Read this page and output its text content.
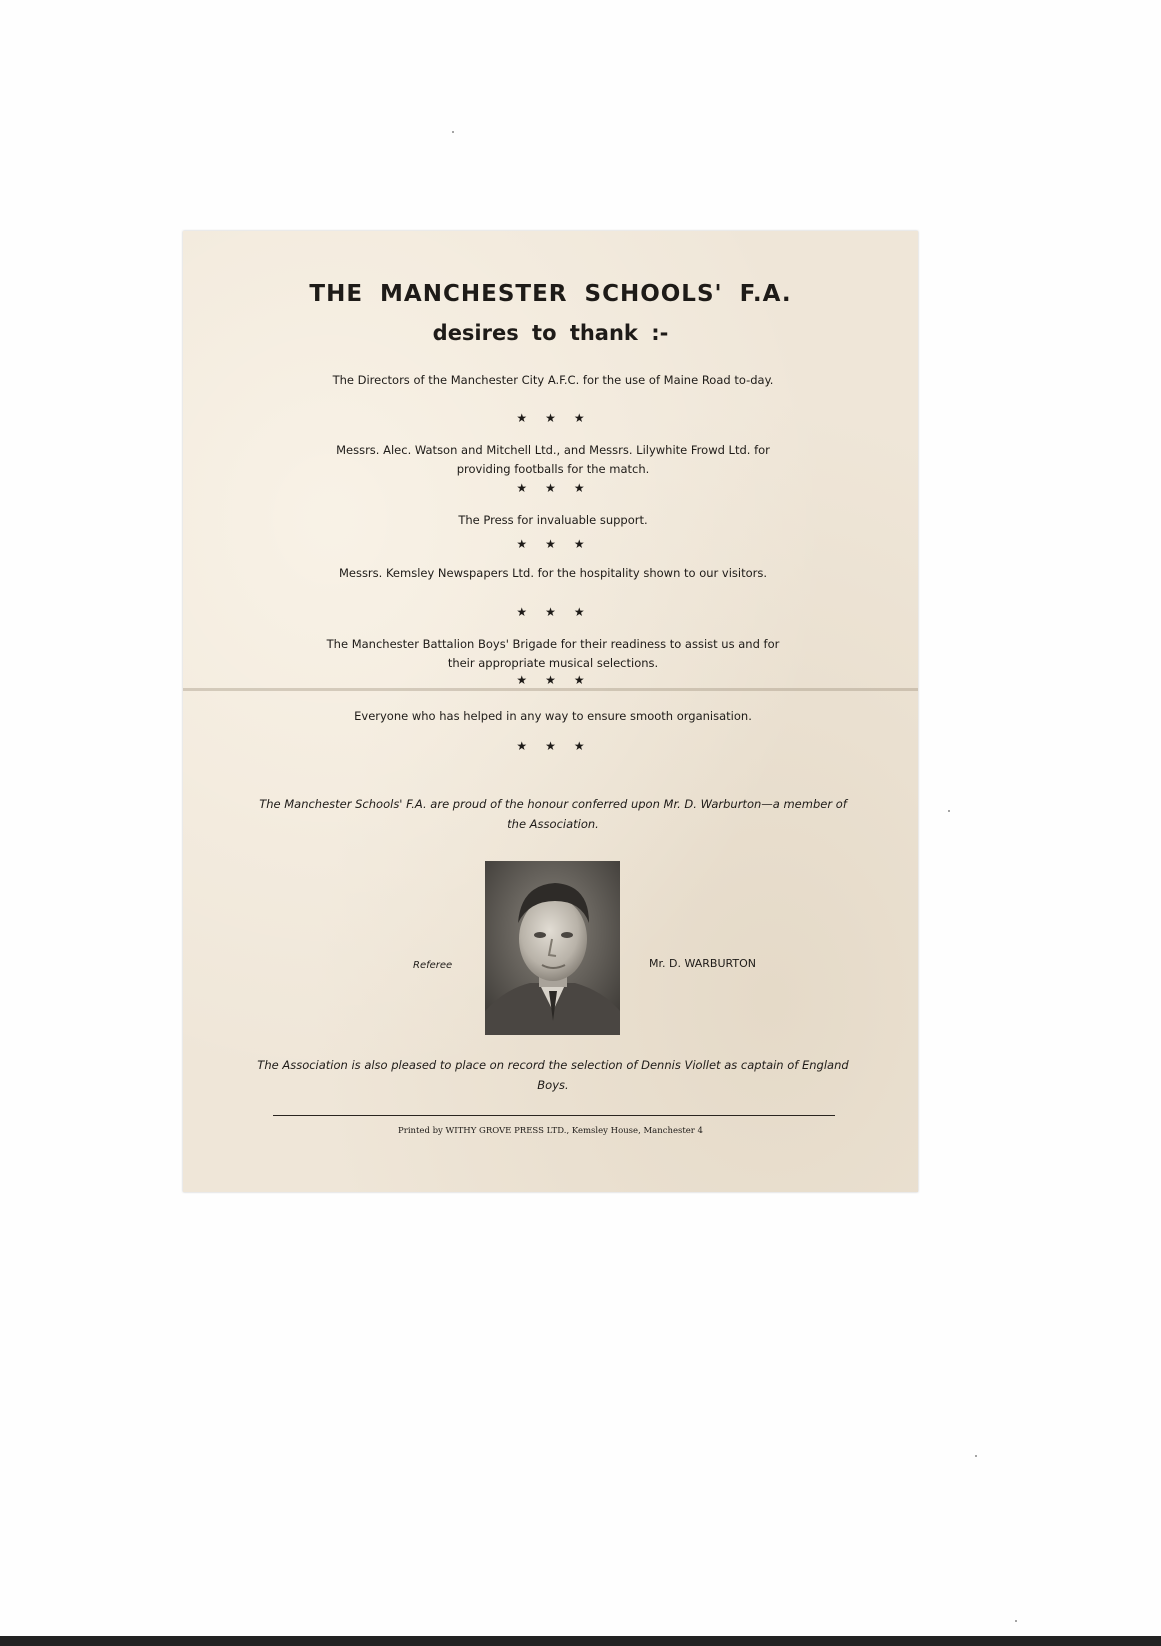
THE MANCHESTER SCHOOLS' F.A.
desires to thank :-
The Directors of the Manchester City A.F.C. for the use of Maine Road to-day.
★★★
Messrs. Alec. Watson and Mitchell Ltd., and Messrs. Lilywhite Frowd Ltd. for providing footballs for the match.
★★★
The Press for invaluable support.
★★★
Messrs. Kemsley Newspapers Ltd. for the hospitality shown to our visitors.
★★★
The Manchester Battalion Boys' Brigade for their readiness to assist us and for their appropriate musical selections.
★★★
Everyone who has helped in any way to ensure smooth organisation.
★★★
The Manchester Schools' F.A. are proud of the honour conferred upon Mr. D. Warburton—a member of the Association.
Referee	Mr. D. WARBURTON
The Association is also pleased to place on record the selection of Dennis Viollet as captain of England Boys.
Printed by WITHY GROVE PRESS LTD., Kemsley House, Manchester 4
